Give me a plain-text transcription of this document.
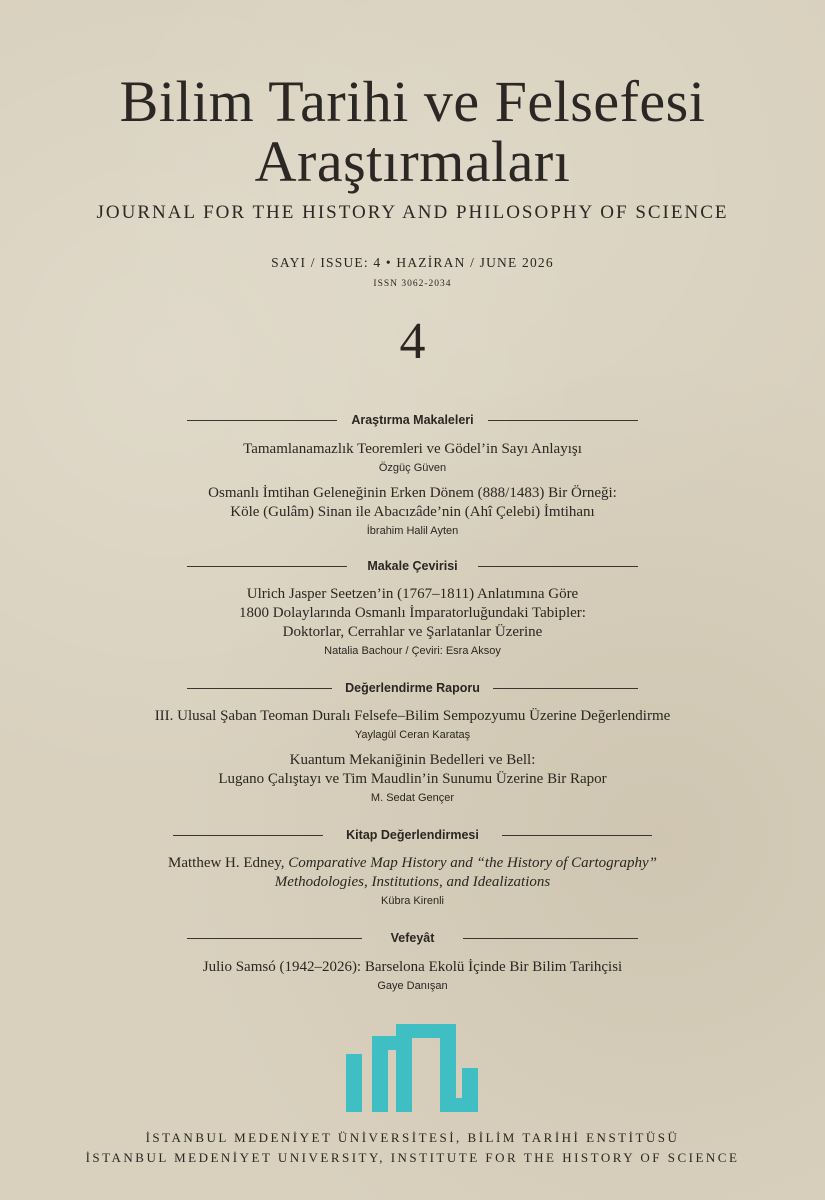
Bilim Tarihi ve Felsefesi
Araştırmaları
JOURNAL FOR THE HISTORY AND PHILOSOPHY OF SCIENCE
SAYI / ISSUE: 4 • HAZİRAN / JUNE 2026
ISSN 3062-2034
4
Araştırma Makaleleri
Tamamlanamazlık Teoremleri ve Gödel’in Sayı Anlayışı
Özgüç Güven
Osmanlı İmtihan Geleneğinin Erken Dönem (888/1483) Bir Örneği:
Köle (Gulâm) Sinan ile Abacızâde’nin (Ahî Çelebi) İmtihanı
İbrahim Halil Ayten
Makale Çevirisi
Ulrich Jasper Seetzen’in (1767–1811) Anlatımına Göre
1800 Dolaylarında Osmanlı İmparatorluğundaki Tabipler:
Doktorlar, Cerrahlar ve Şarlatanlar Üzerine
Natalia Bachour / Çeviri: Esra Aksoy
Değerlendirme Raporu
III. Ulusal Şaban Teoman Duralı Felsefe–Bilim Sempozyumu Üzerine Değerlendirme
Yaylagül Ceran Karataş
Kuantum Mekaniğinin Bedelleri ve Bell:
Lugano Çalıştayı ve Tim Maudlin’in Sunumu Üzerine Bir Rapor
M. Sedat Gençer
Kitap Değerlendirmesi
Matthew H. Edney, Comparative Map History and “the History of Cartography”
Methodologies, Institutions, and Idealizations
Kübra Kirenli
Vefeyât
Julio Samsó (1942–2026): Barselona Ekolü İçinde Bir Bilim Tarihçisi
Gaye Danışan
İSTANBUL MEDENİYET ÜNİVERSİTESİ, BİLİM TARİHİ ENSTİTÜSÜ
İSTANBUL MEDENİYET UNIVERSITY, INSTITUTE FOR THE HISTORY OF SCIENCE
